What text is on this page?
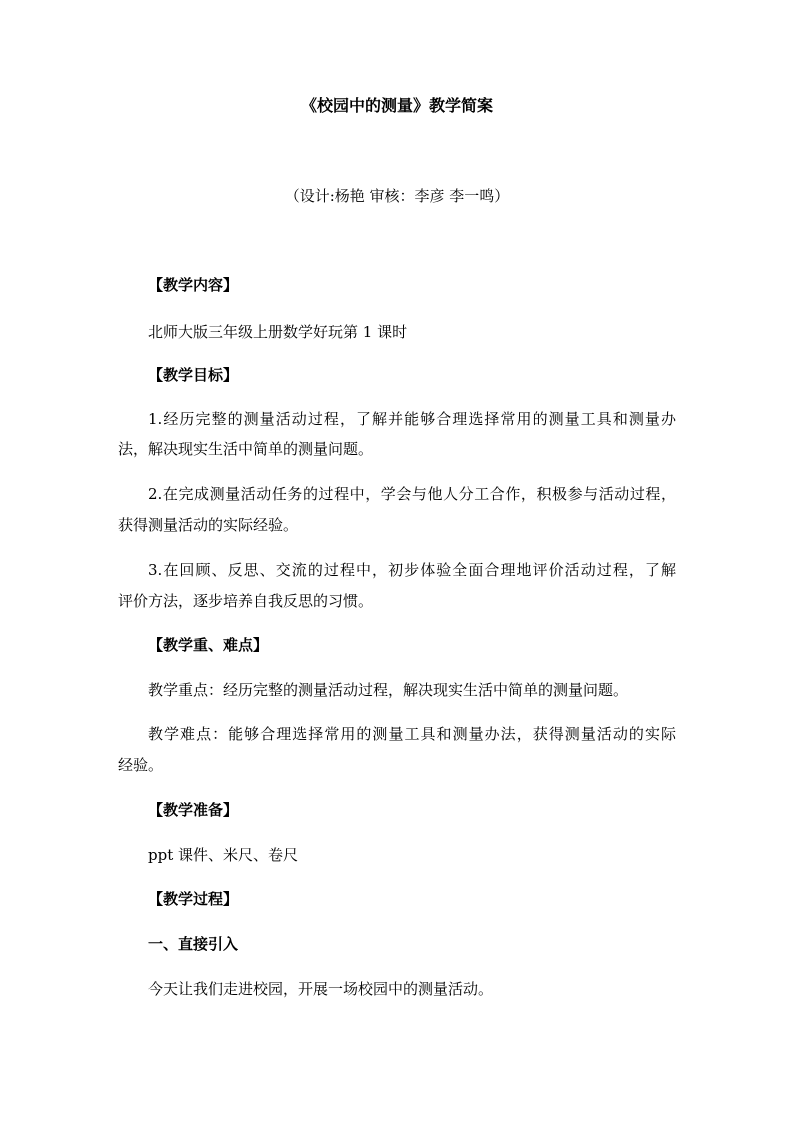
《校园中的测量》教学简案

（设计:杨艳 审核：李彦 李一鸣）

【教学内容】

北师大版三年级上册数学好玩第 1 课时

【教学目标】

1.经历完整的测量活动过程，了解并能够合理选择常用的测量工具和测量办

法，解决现实生活中简单的测量问题。

2.在完成测量活动任务的过程中，学会与他人分工合作，积极参与活动过程，

获得测量活动的实际经验。

3.在回顾、反思、交流的过程中，初步体验全面合理地评价活动过程，了解

评价方法，逐步培养自我反思的习惯。

【教学重、难点】

教学重点：经历完整的测量活动过程，解决现实生活中简单的测量问题。

教学难点：能够合理选择常用的测量工具和测量办法，获得测量活动的实际

经验。

【教学准备】

ppt 课件、米尺、卷尺

【教学过程】

一、直接引入

今天让我们走进校园，开展一场校园中的测量活动。
